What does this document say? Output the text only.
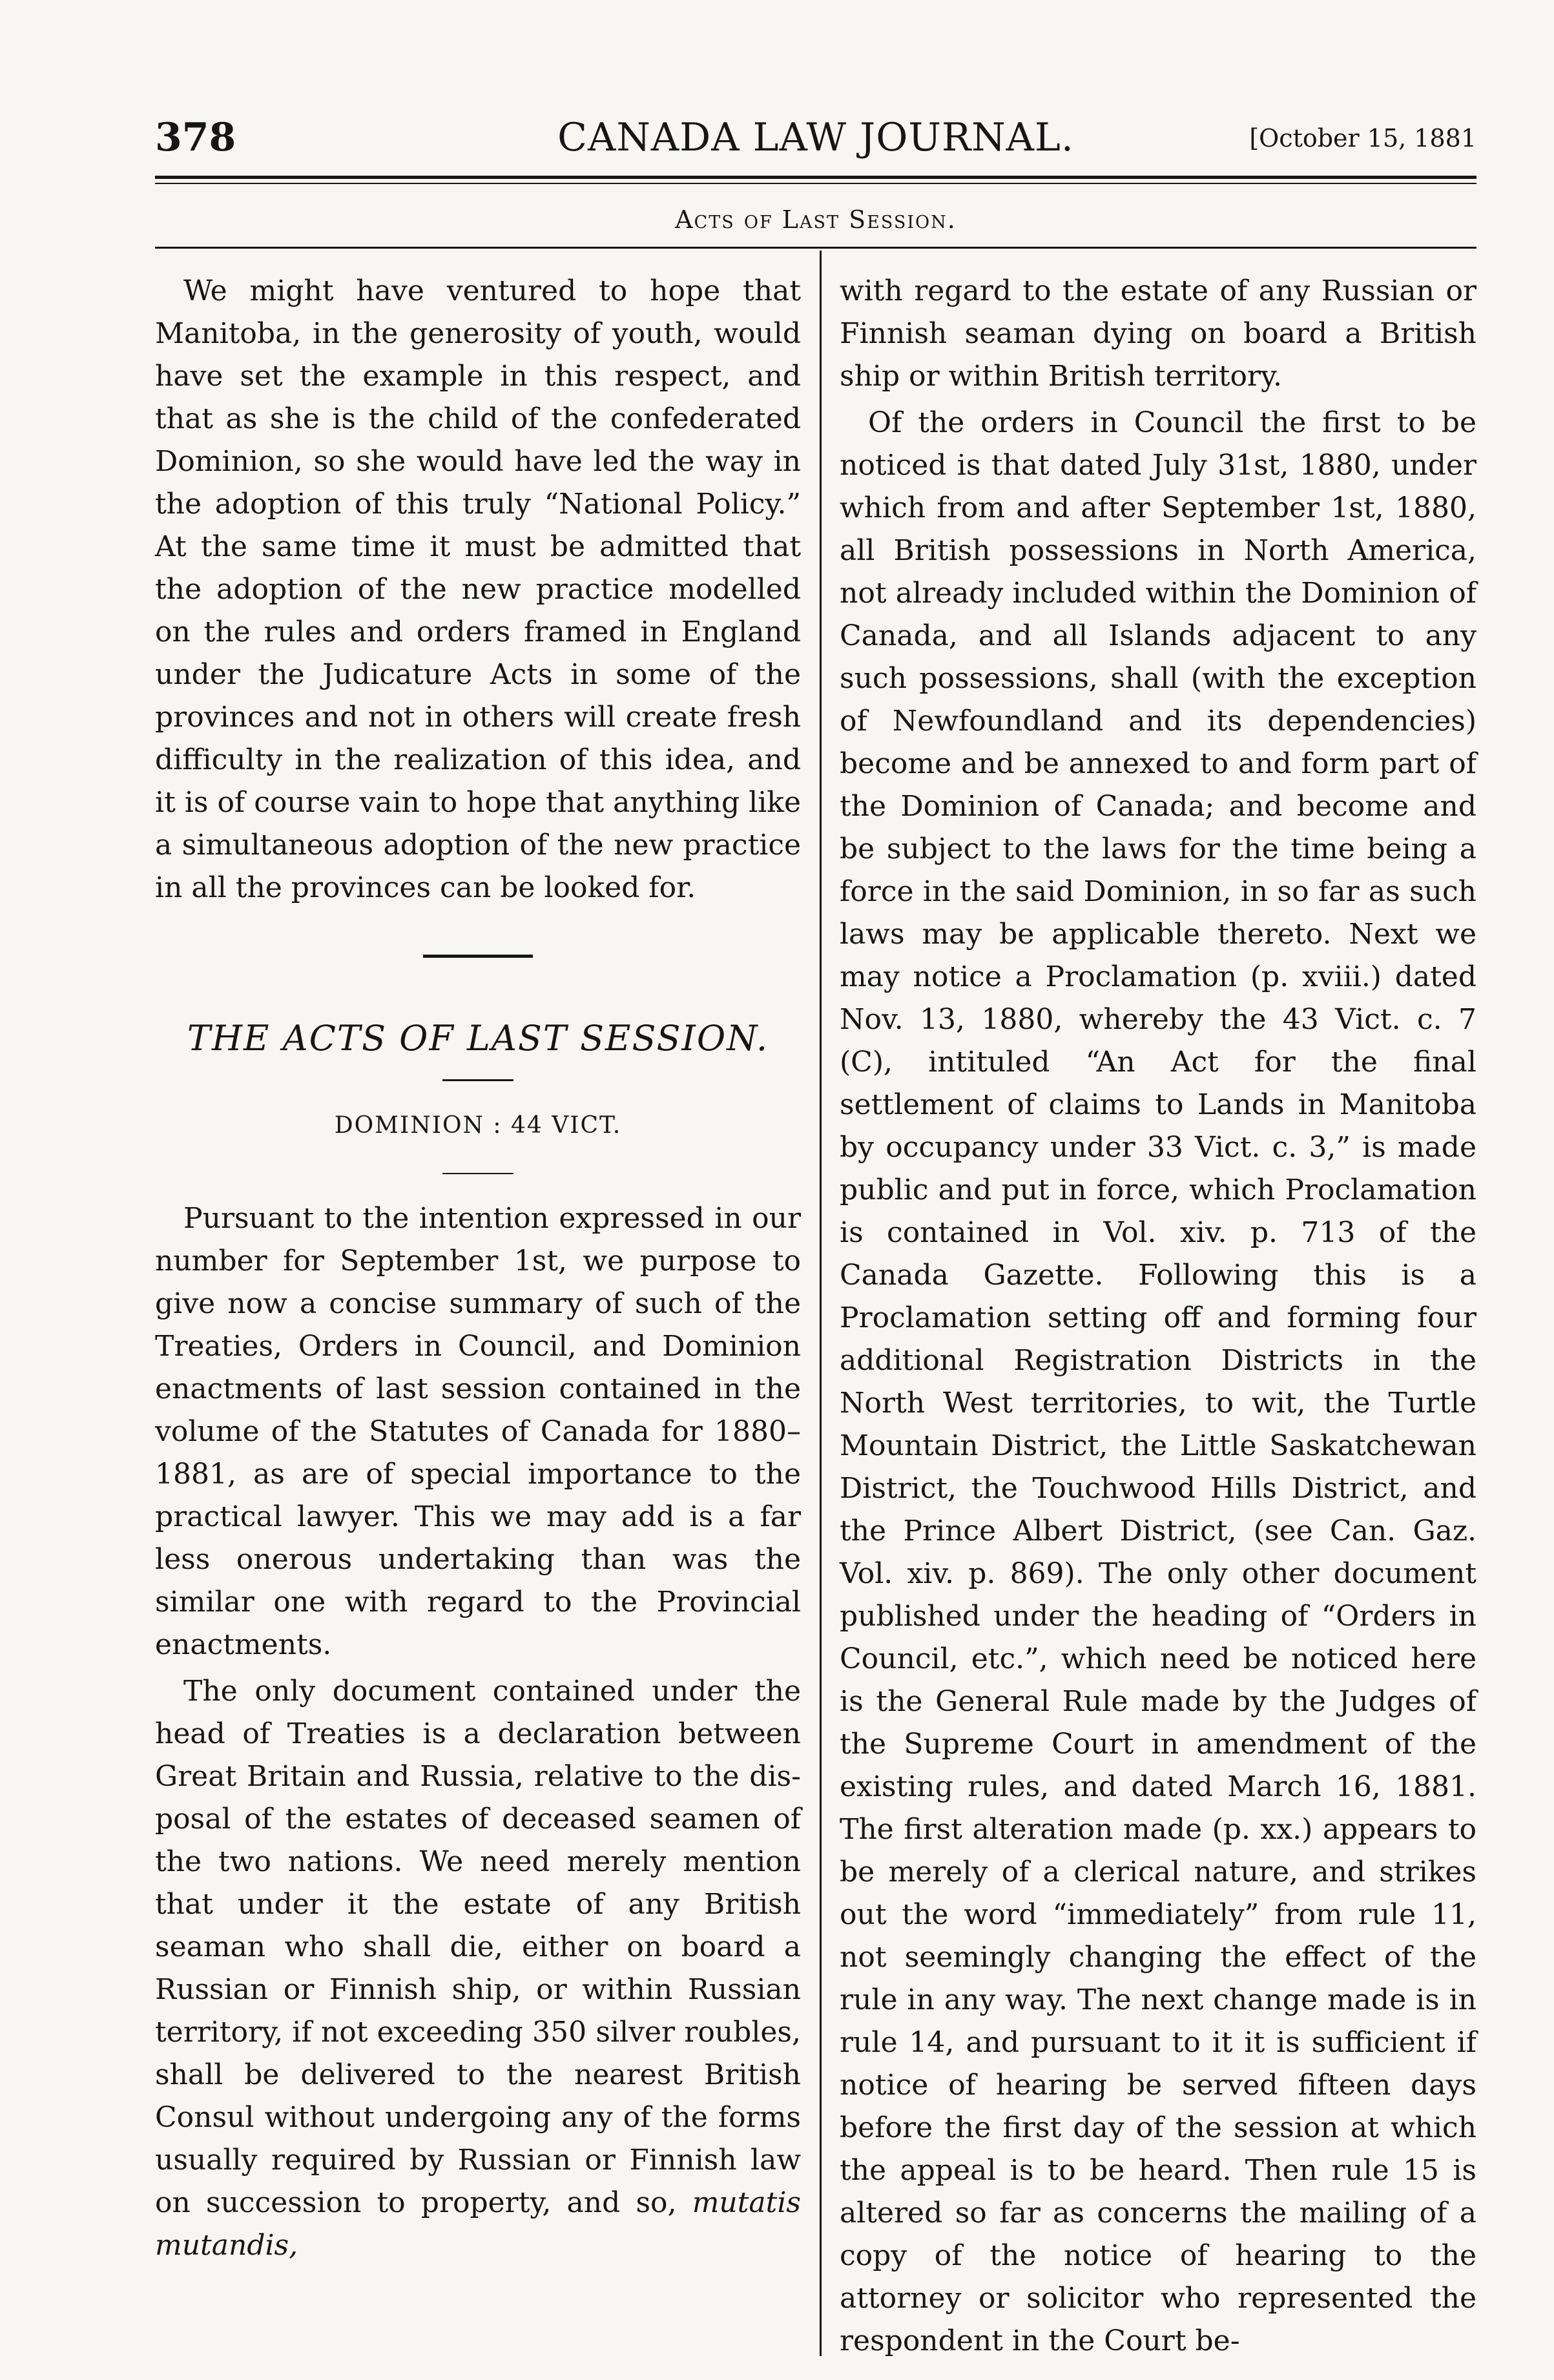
378	CANADA LAW JOURNAL.	[October 15, 1881
Acts of Last Session.

We might have ventured to hope that Manitoba, in the generosity of youth, would have set the example in this respect, and that as she is the child of the confederated Dominion, so she would have led the way in the adoption of this truly “National Policy.” At the same time it must be admitted that the adoption of the new practice modelled on the rules and orders framed in England under the Judicature Acts in some of the provinces and not in others will create fresh difficulty in the realization of this idea, and it is of course vain to hope that anything like a simultaneous adoption of the new practice in all the provinces can be looked for.

THE ACTS OF LAST SESSION.
DOMINION : 44 VICT.

Pursuant to the intention expressed in our number for September 1st, we purpose to give now a concise summary of such of the Treaties, Orders in Council, and Dominion enactments of last session contained in the volume of the Statutes of Canada for 1880–1881, as are of special importance to the practical lawyer. This we may add is a far less onerous undertaking than was the similar one with regard to the Provincial enactments.

The only document contained under the head of Treaties is a declaration between Great Britain and Russia, relative to the disposal of the estates of deceased seamen of the two nations. We need merely mention that under it the estate of any British seaman who shall die, either on board a Russian or Finnish ship, or within Russian territory, if not exceeding 350 silver roubles, shall be delivered to the nearest British Consul without undergoing any of the forms usually required by Russian or Finnish law on succession to property, and so, mutatis mutandis,

with regard to the estate of any Russian or Finnish seaman dying on board a British ship or within British territory.

Of the orders in Council the first to be noticed is that dated July 31st, 1880, under which from and after September 1st, 1880, all British possessions in North America, not already included within the Dominion of Canada, and all Islands adjacent to any such possessions, shall (with the exception of Newfoundland and its dependencies) become and be annexed to and form part of the Dominion of Canada; and become and be subject to the laws for the time being a force in the said Dominion, in so far as such laws may be applicable thereto. Next we may notice a Proclamation (p. xviii.) dated Nov. 13, 1880, whereby the 43 Vict. c. 7 (C), intituled “An Act for the final settlement of claims to Lands in Manitoba by occupancy under 33 Vict. c. 3,” is made public and put in force, which Proclamation is contained in Vol. xiv. p. 713 of the Canada Gazette. Following this is a Proclamation setting off and forming four additional Registration Districts in the North West territories, to wit, the Turtle Mountain District, the Little Saskatchewan District, the Touchwood Hills District, and the Prince Albert District, (see Can. Gaz. Vol. xiv. p. 869). The only other document published under the heading of “Orders in Council, etc.”, which need be noticed here is the General Rule made by the Judges of the Supreme Court in amendment of the existing rules, and dated March 16, 1881. The first alteration made (p. xx.) appears to be merely of a clerical nature, and strikes out the word “immediately” from rule 11, not seemingly changing the effect of the rule in any way. The next change made is in rule 14, and pursuant to it it is sufficient if notice of hearing be served fifteen days before the first day of the session at which the appeal is to be heard. Then rule 15 is altered so far as concerns the mailing of a copy of the notice of hearing to the attorney or solicitor who represented the respondent in the Court be-
